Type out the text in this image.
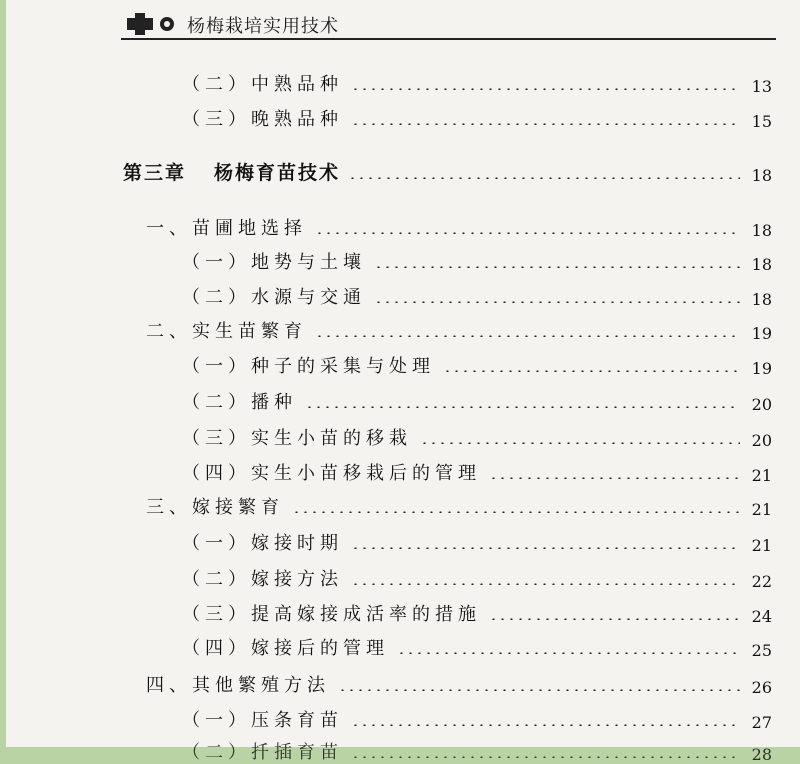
杨梅栽培实用技术
（二）中熟品种	13
（三）晚熟品种	15
第三章 杨梅育苗技术	18
一、苗圃地选择	18
（一）地势与土壤	18
（二）水源与交通	18
二、实生苗繁育	19
（一）种子的采集与处理	19
（二）播种	20
（三）实生小苗的移栽	20
（四）实生小苗移栽后的管理	21
三、嫁接繁育	21
（一）嫁接时期	21
（二）嫁接方法	22
（三）提高嫁接成活率的措施	24
（四）嫁接后的管理	25
四、其他繁殖方法	26
（一）压条育苗	27
（二）扦插育苗	28
